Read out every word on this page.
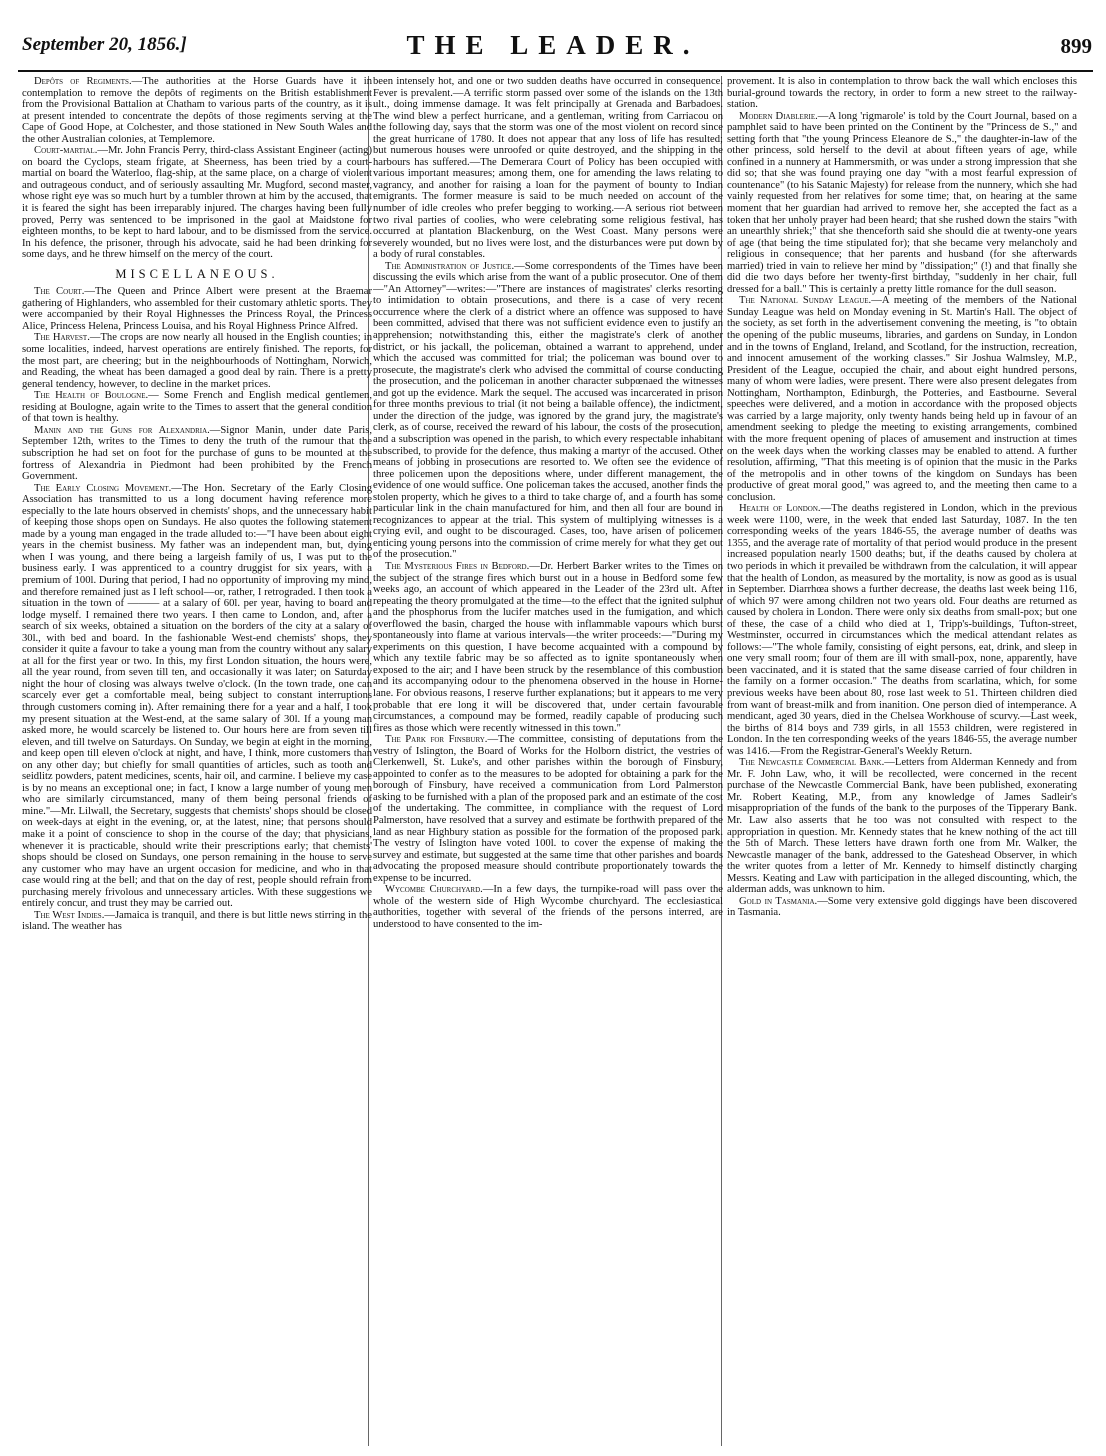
September 20, 1856.]	THE LEADER.	899

Depôts of Regiments.—The authorities at the Horse Guards have it in contemplation to remove the depôts of regiments on the British establishment from the Provisional Battalion at Chatham to various parts of the country, as it is at present intended to concentrate the depôts of those regiments serving at the Cape of Good Hope, at Colchester, and those stationed in New South Wales and the other Australian colonies, at Templemore.

Court-martial.—Mr. John Francis Perry, third-class Assistant Engineer (acting) on board the Cyclops, steam frigate, at Sheerness, has been tried by a court-martial on board the Waterloo, flag-ship, at the same place, on a charge of violent and outrageous conduct, and of seriously assaulting Mr. Mugford, second master, whose right eye was so much hurt by a tumbler thrown at him by the accused, that it is feared the sight has been irreparably injured. The charges having been fully proved, Perry was sentenced to be imprisoned in the gaol at Maidstone for eighteen months, to be kept to hard labour, and to be dismissed from the service. In his defence, the prisoner, through his advocate, said he had been drinking for some days, and he threw himself on the mercy of the court.

MISCELLANEOUS.

The Court.—The Queen and Prince Albert were present at the Braemar gathering of Highlanders, who assembled for their customary athletic sports. They were accompanied by their Royal Highnesses the Princess Royal, the Princess Alice, Princess Helena, Princess Louisa, and his Royal Highness Prince Alfred.

The Harvest.—The crops are now nearly all housed in the English counties; in some localities, indeed, harvest operations are entirely finished. The reports, for the most part, are cheering; but in the neighbourhoods of Nottingham, Norwich, and Reading, the wheat has been damaged a good deal by rain. There is a pretty general tendency, however, to decline in the market prices.

The Health of Boulogne.— Some French and English medical gentlemen, residing at Boulogne, again write to the Times to assert that the general condition of that town is healthy.

Manin and the Guns for Alexandria.—Signor Manin, under date Paris, September 12th, writes to the Times to deny the truth of the rumour that the subscription he had set on foot for the purchase of guns to be mounted at the fortress of Alexandria in Piedmont had been prohibited by the French Government.

The Early Closing Movement.—The Hon. Secretary of the Early Closing Association has transmitted to us a long document having reference more especially to the late hours observed in chemists' shops, and the unnecessary habit of keeping those shops open on Sundays. He also quotes the following statement made by a young man engaged in the trade alluded to:—"I have been about eight years in the chemist business. My father was an independent man, but, dying when I was young, and there being a largeish family of us, I was put to the business early. I was apprenticed to a country druggist for six years, with a premium of 100l. During that period, I had no opportunity of improving my mind, and therefore remained just as I left school—or, rather, I retrograded. I then took a situation in the town of ——— at a salary of 60l. per year, having to board and lodge myself. I remained there two years. I then came to London, and, after a search of six weeks, obtained a situation on the borders of the city at a salary of 30l., with bed and board. In the fashionable West-end chemists' shops, they consider it quite a favour to take a young man from the country without any salary at all for the first year or two. In this, my first London situation, the hours were, all the year round, from seven till ten, and occasionally it was later; on Saturday night the hour of closing was always twelve o'clock. (In the town trade, one can scarcely ever get a comfortable meal, being subject to constant interruptions through customers coming in). After remaining there for a year and a half, I took my present situation at the West-end, at the same salary of 30l. If a young man asked more, he would scarcely be listened to. Our hours here are from seven till eleven, and till twelve on Saturdays. On Sunday, we begin at eight in the morning, and keep open till eleven o'clock at night, and have, I think, more customers than on any other day; but chiefly for small quantities of articles, such as tooth and seidlitz powders, patent medicines, scents, hair oil, and carmine. I believe my case is by no means an exceptional one; in fact, I know a large number of young men who are similarly circumstanced, many of them being personal friends of mine."—Mr. Lilwall, the Secretary, suggests that chemists' shops should be closed on week-days at eight in the evening, or, at the latest, nine; that persons should make it a point of conscience to shop in the course of the day; that physicians, whenever it is practicable, should write their prescriptions early; that chemists' shops should be closed on Sundays, one person remaining in the house to serve any customer who may have an urgent occasion for medicine, and who in that case would ring at the bell; and that on the day of rest, people should refrain from purchasing merely frivolous and unnecessary articles. With these suggestions we entirely concur, and trust they may be carried out.

The West Indies.—Jamaica is tranquil, and there is but little news stirring in the island. The weather has

been intensely hot, and one or two sudden deaths have occurred in consequence. Fever is prevalent.—A terrific storm passed over some of the islands on the 13th ult., doing immense damage. It was felt principally at Grenada and Barbadoes. The wind blew a perfect hurricane, and a gentleman, writing from Carriacou on the following day, says that the storm was one of the most violent on record since the great hurricane of 1780. It does not appear that any loss of life has resulted; but numerous houses were unroofed or quite destroyed, and the shipping in the harbours has suffered.—The Demerara Court of Policy has been occupied with various important measures; among them, one for amending the laws relating to vagrancy, and another for raising a loan for the payment of bounty to Indian emigrants. The former measure is said to be much needed on account of the number of idle creoles who prefer begging to working.—A serious riot between two rival parties of coolies, who were celebrating some religious festival, has occurred at plantation Blackenburg, on the West Coast. Many persons were severely wounded, but no lives were lost, and the disturbances were put down by a body of rural constables.

The Administration of Justice.—Some correspondents of the Times have been discussing the evils which arise from the want of a public prosecutor. One of them —"An Attorney"—writes:—"There are instances of magistrates' clerks resorting to intimidation to obtain prosecutions, and there is a case of very recent occurrence where the clerk of a district where an offence was supposed to have been committed, advised that there was not sufficient evidence even to justify an apprehension; notwithstanding this, either the magistrate's clerk of another district, or his jackall, the policeman, obtained a warrant to apprehend, under which the accused was committed for trial; the policeman was bound over to prosecute, the magistrate's clerk who advised the committal of course conducting the prosecution, and the policeman in another character subpœnaed the witnesses and got up the evidence. Mark the sequel. The accused was incarcerated in prison for three months previous to trial (it not being a bailable offence), the indictment, under the direction of the judge, was ignored by the grand jury, the magistrate's clerk, as of course, received the reward of his labour, the costs of the prosecution, and a subscription was opened in the parish, to which every respectable inhabitant subscribed, to provide for the defence, thus making a martyr of the accused. Other means of jobbing in prosecutions are resorted to. We often see the evidence of three policemen upon the depositions where, under different management, the evidence of one would suffice. One policeman takes the accused, another finds the stolen property, which he gives to a third to take charge of, and a fourth has some particular link in the chain manufactured for him, and then all four are bound in recognizances to appear at the trial. This system of multiplying witnesses is a crying evil, and ought to be discouraged. Cases, too, have arisen of policemen enticing young persons into the commission of crime merely for what they get out of the prosecution."

The Mysterious Fires in Bedford.—Dr. Herbert Barker writes to the Times on the subject of the strange fires which burst out in a house in Bedford some few weeks ago, an account of which appeared in the Leader of the 23rd ult. After repeating the theory promulgated at the time—to the effect that the ignited sulphur and the phosphorus from the lucifer matches used in the fumigation, and which overflowed the basin, charged the house with inflammable vapours which burst spontaneously into flame at various intervals—the writer proceeds:—"During my experiments on this question, I have become acquainted with a compound by which any textile fabric may be so affected as to ignite spontaneously when exposed to the air; and I have been struck by the resemblance of this combustion and its accompanying odour to the phenomena observed in the house in Horne-lane. For obvious reasons, I reserve further explanations; but it appears to me very probable that ere long it will be discovered that, under certain favourable circumstances, a compound may be formed, readily capable of producing such fires as those which were recently witnessed in this town."

The Park for Finsbury.—The committee, consisting of deputations from the vestry of Islington, the Board of Works for the Holborn district, the vestries of Clerkenwell, St. Luke's, and other parishes within the borough of Finsbury, appointed to confer as to the measures to be adopted for obtaining a park for the borough of Finsbury, have received a communication from Lord Palmerston asking to be furnished with a plan of the proposed park and an estimate of the cost of the undertaking. The committee, in compliance with the request of Lord Palmerston, have resolved that a survey and estimate be forthwith prepared of the land as near Highbury station as possible for the formation of the proposed park. The vestry of Islington have voted 100l. to cover the expense of making the survey and estimate, but suggested at the same time that other parishes and boards advocating the proposed measure should contribute proportionately towards the expense to be incurred.

Wycombe Churchyard.—In a few days, the turnpike-road will pass over the whole of the western side of High Wycombe churchyard. The ecclesiastical authorities, together with several of the friends of the persons interred, are understood to have consented to the im-

provement. It is also in contemplation to throw back the wall which encloses this burial-ground towards the rectory, in order to form a new street to the railway-station.

Modern Diablerie.—A long 'rigmarole' is told by the Court Journal, based on a pamphlet said to have been printed on the Continent by the "Princess de S.," and setting forth that "the young Princess Eleanore de S.," the daughter-in-law of the other princess, sold herself to the devil at about fifteen years of age, while confined in a nunnery at Hammersmith, or was under a strong impression that she did so; that she was found praying one day "with a most fearful expression of countenance" (to his Satanic Majesty) for release from the nunnery, which she had vainly requested from her relatives for some time; that, on hearing at the same moment that her guardian had arrived to remove her, she accepted the fact as a token that her unholy prayer had been heard; that she rushed down the stairs "with an unearthly shriek;" that she thenceforth said she should die at twenty-one years of age (that being the time stipulated for); that she became very melancholy and religious in consequence; that her parents and husband (for she afterwards married) tried in vain to relieve her mind by "dissipation;" (!) and that finally she did die two days before her twenty-first birthday, "suddenly in her chair, full dressed for a ball." This is certainly a pretty little romance for the dull season.

The National Sunday League.—A meeting of the members of the National Sunday League was held on Monday evening in St. Martin's Hall. The object of the society, as set forth in the advertisement convening the meeting, is "to obtain the opening of the public museums, libraries, and gardens on Sunday, in London and in the towns of England, Ireland, and Scotland, for the instruction, recreation, and innocent amusement of the working classes." Sir Joshua Walmsley, M.P., President of the League, occupied the chair, and about eight hundred persons, many of whom were ladies, were present. There were also present delegates from Nottingham, Northampton, Edinburgh, the Potteries, and Eastbourne. Several speeches were delivered, and a motion in accordance with the proposed objects was carried by a large majority, only twenty hands being held up in favour of an amendment seeking to pledge the meeting to existing arrangements, combined with the more frequent opening of places of amusement and instruction at times on the week days when the working classes may be enabled to attend. A further resolution, affirming, "That this meeting is of opinion that the music in the Parks of the metropolis and in other towns of the kingdom on Sundays has been productive of great moral good," was agreed to, and the meeting then came to a conclusion.

Health of London.—The deaths registered in London, which in the previous week were 1100, were, in the week that ended last Saturday, 1087. In the ten corresponding weeks of the years 1846-55, the average number of deaths was 1355, and the average rate of mortality of that period would produce in the present increased population nearly 1500 deaths; but, if the deaths caused by cholera at two periods in which it prevailed be withdrawn from the calculation, it will appear that the health of London, as measured by the mortality, is now as good as is usual in September. Diarrhœa shows a further decrease, the deaths last week being 116, of which 97 were among children not two years old. Four deaths are returned as caused by cholera in London. There were only six deaths from small-pox; but one of these, the case of a child who died at 1, Tripp's-buildings, Tufton-street, Westminster, occurred in circumstances which the medical attendant relates as follows:—"The whole family, consisting of eight persons, eat, drink, and sleep in one very small room; four of them are ill with small-pox, none, apparently, have been vaccinated, and it is stated that the same disease carried of four children in the family on a former occasion." The deaths from scarlatina, which, for some previous weeks have been about 80, rose last week to 51. Thirteen children died from want of breast-milk and from inanition. One person died of intemperance. A mendicant, aged 30 years, died in the Chelsea Workhouse of scurvy.—Last week, the births of 814 boys and 739 girls, in all 1553 children, were registered in London. In the ten corresponding weeks of the years 1846-55, the average number was 1416.—From the Registrar-General's Weekly Return.

The Newcastle Commercial Bank.—Letters from Alderman Kennedy and from Mr. F. John Law, who, it will be recollected, were concerned in the recent purchase of the Newcastle Commercial Bank, have been published, exonerating Mr. Robert Keating, M.P., from any knowledge of James Sadleir's misappropriation of the funds of the bank to the purposes of the Tipperary Bank. Mr. Law also asserts that he too was not consulted with respect to the appropriation in question. Mr. Kennedy states that he knew nothing of the act till the 5th of March. These letters have drawn forth one from Mr. Walker, the Newcastle manager of the bank, addressed to the Gateshead Observer, in which the writer quotes from a letter of Mr. Kennedy to himself distinctly charging Messrs. Keating and Law with participation in the alleged discounting, which, the alderman adds, was unknown to him.

Gold in Tasmania.—Some very extensive gold diggings have been discovered in Tasmania.
